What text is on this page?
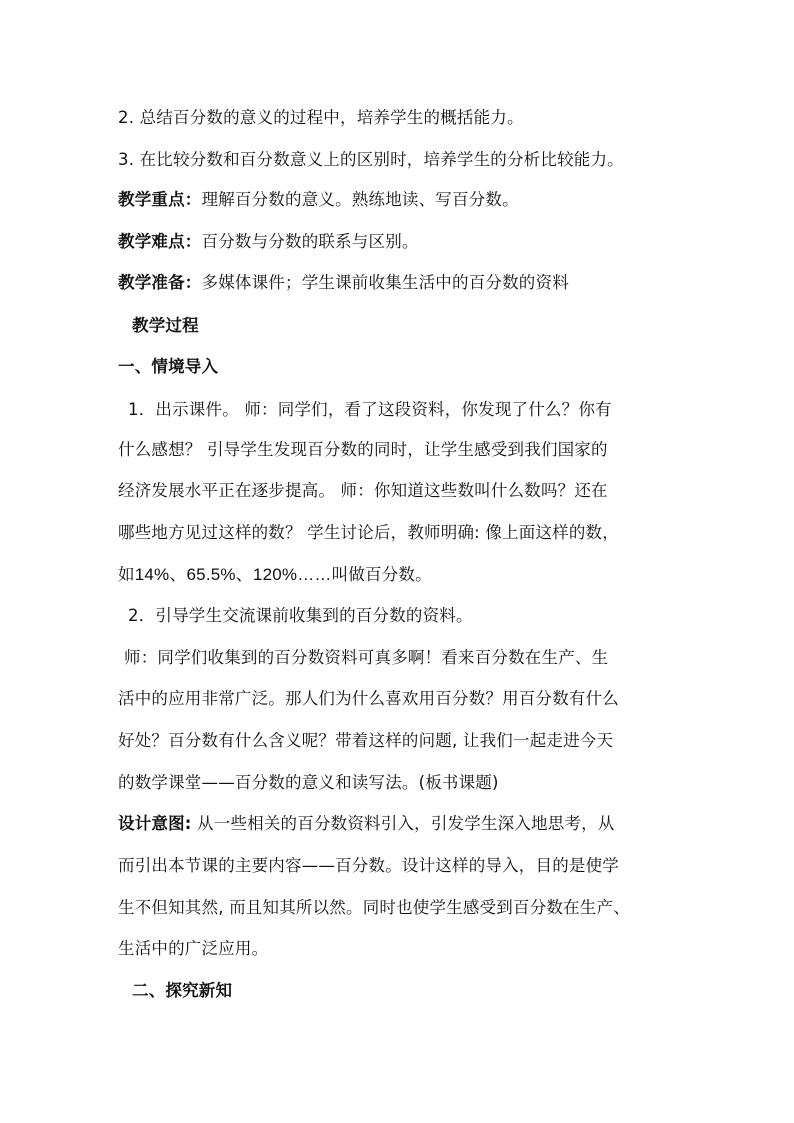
2. 总结百分数的意义的过程中，培养学生的概括能力。
3. 在比较分数和百分数意义上的区别时，培养学生的分析比较能力。
教学重点：理解百分数的意义。熟练地读、写百分数。
教学难点：百分数与分数的联系与区别。
教学准备：多媒体课件；学生课前收集生活中的百分数的资料
教学过程
一、情境导入
1．出示课件。 师：同学们，看了这段资料，你发现了什么？你有
什么感想？ 引导学生发现百分数的同时，让学生感受到我们国家的
经济发展水平正在逐步提高。 师：你知道这些数叫什么数吗？还在
哪些地方见过这样的数？ 学生讨论后，教师明确: 像上面这样的数，
如14%、65.5%、120%……叫做百分数。
2．引导学生交流课前收集到的百分数的资料。
师：同学们收集到的百分数资料可真多啊！看来百分数在生产、生
活中的应用非常广泛。那人们为什么喜欢用百分数？用百分数有什么
好处？百分数有什么含义呢？带着这样的问题, 让我们一起走进今天
的数学课堂——百分数的意义和读写法。(板书课题)
设计意图: 从一些相关的百分数资料引入，引发学生深入地思考，从
而引出本节课的主要内容——百分数。设计这样的导入，目的是使学
生不但知其然, 而且知其所以然。同时也使学生感受到百分数在生产、
生活中的广泛应用。
二、探究新知
